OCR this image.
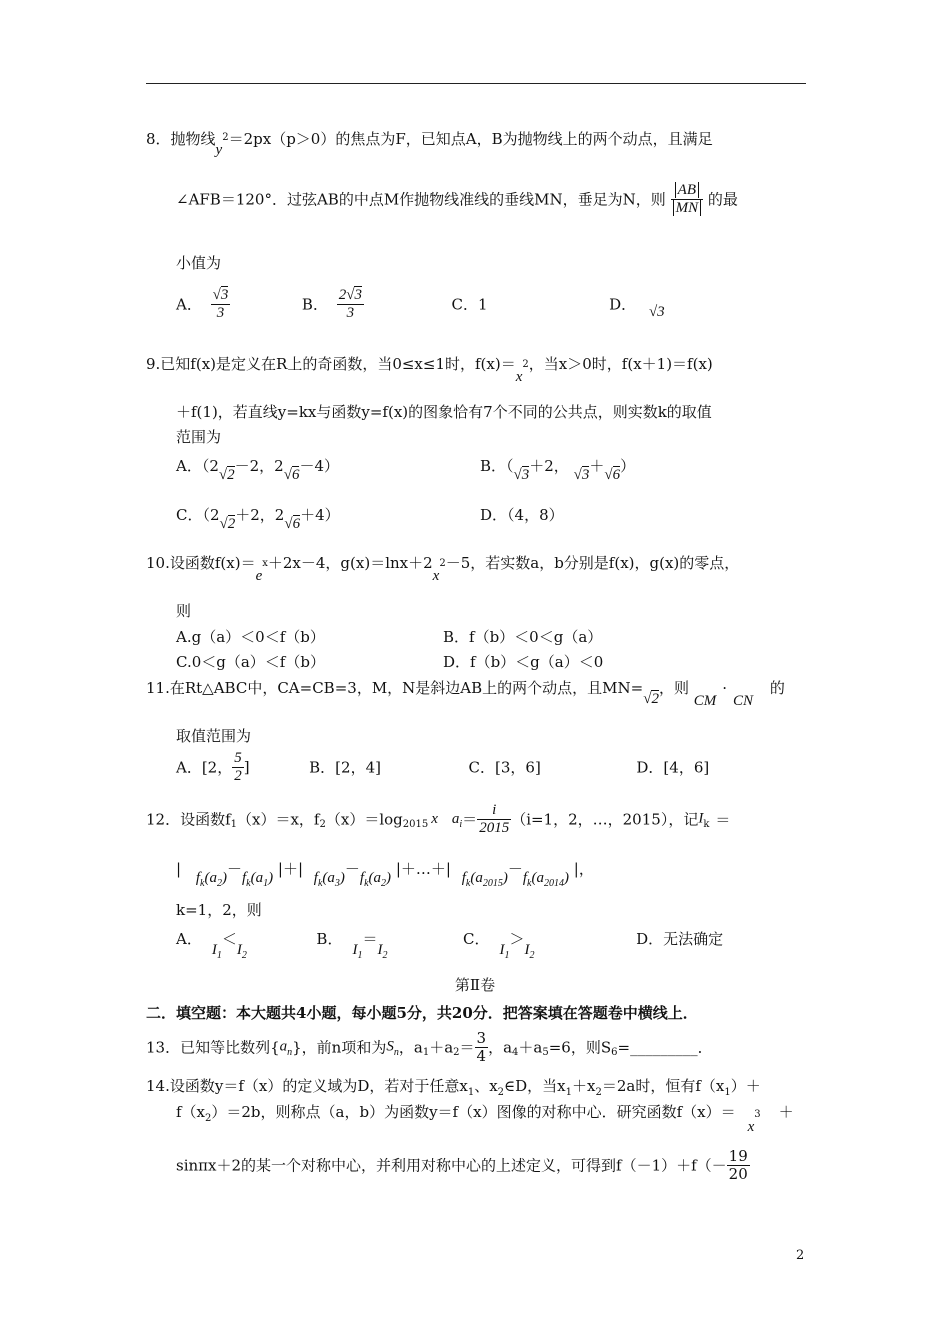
8．抛物线$y^2=2px(p>0)$的焦点为F，已知点A，B为抛物线上的两个动点，且满足
∠AFB＝120°．过弦AB的中点M作抛物线准线的垂线MN，垂足为N，则 $\frac{AB}{MN}$ 的最
小值为
A． $\frac{√3}{3}$	B． $\frac{2√3}{3}$	C．1	D． √3
9.已知f(x)是定义在R上的奇函数，当0≤x≤1时，$f(x)=x^2$，当x＞0时，f(x＋1)＝f(x)
＋f(1)，若直线y=kx与函数y=f(x)的图象恰有7个不同的公共点，则实数k的取值
范围为
A．（2√2－2，2√6－4）	B．（√3＋2， √3＋√6）
C．（2√2＋2，2√6＋4）	D．（4，8）
10.设函数$f(x)=e^x+2x-4$，$g(x)=\ln x+2x^2-5$，若实数a，b分别是f(x)，g(x)的零点，
则
A.g（a）＜0＜f（b）	B．f（b）＜0＜g（a）
C.0＜g（a）＜f（b）	D．f（b）＜g（a）＜0
11.在Rt△ABC中，CA=CB=3，M，N是斜边AB上的两个动点，且MN=√2，则 CM·CN 的
取值范围为
A．[2， $\frac{5}{2}$ ]	B．[2，4]	C．[3，6]	D．[4，6]
12．设函数$f_1(x)=x$，$f_2(x)=\log_{2015}$ x $a_i= \frac{i}{2015} (i=1$，2，…，2015），记$I_k$ ＝
| $f_k(a_2)-f_k(a_1)$ |＋| $f_k(a_3)-f_k(a_2)$ |＋…＋| $f_k(a_{2015})-f_k(a_{2014})$ |，
k=1，2，则
A．$I_1<I_2$  B．$I_1=I_2$  C．$I_1>I_2$  D．无法确定
第Ⅱ卷
二．填空题：本大题共4小题，每小题5分，共20分．把答案填在答题卷中横线上．
13．已知等比数列$\{a_n\}$，前n项和为$S_n$，$a_1+a_2= \frac{3}{4}$ ，$a_4+a_5=6$，则$S_6=\_\_\_\_\_\_\_\_\_$．
14.设函数y＝f（x）的定义域为D，若对于任意$x_1$、$x_2\in D$，当$x_1+x_2=2a$时，恒有$f(x_1)+$
$f(x_2)=2b$，则称点（a，b）为函数y＝f（x）图像的对称中心．研究函数$f(x)=x^3$ ＋
sinπx＋2的某一个对称中心，并利用对称中心的上述定义，可得到$f(-1)+f(- \frac{19}{20}$
2
